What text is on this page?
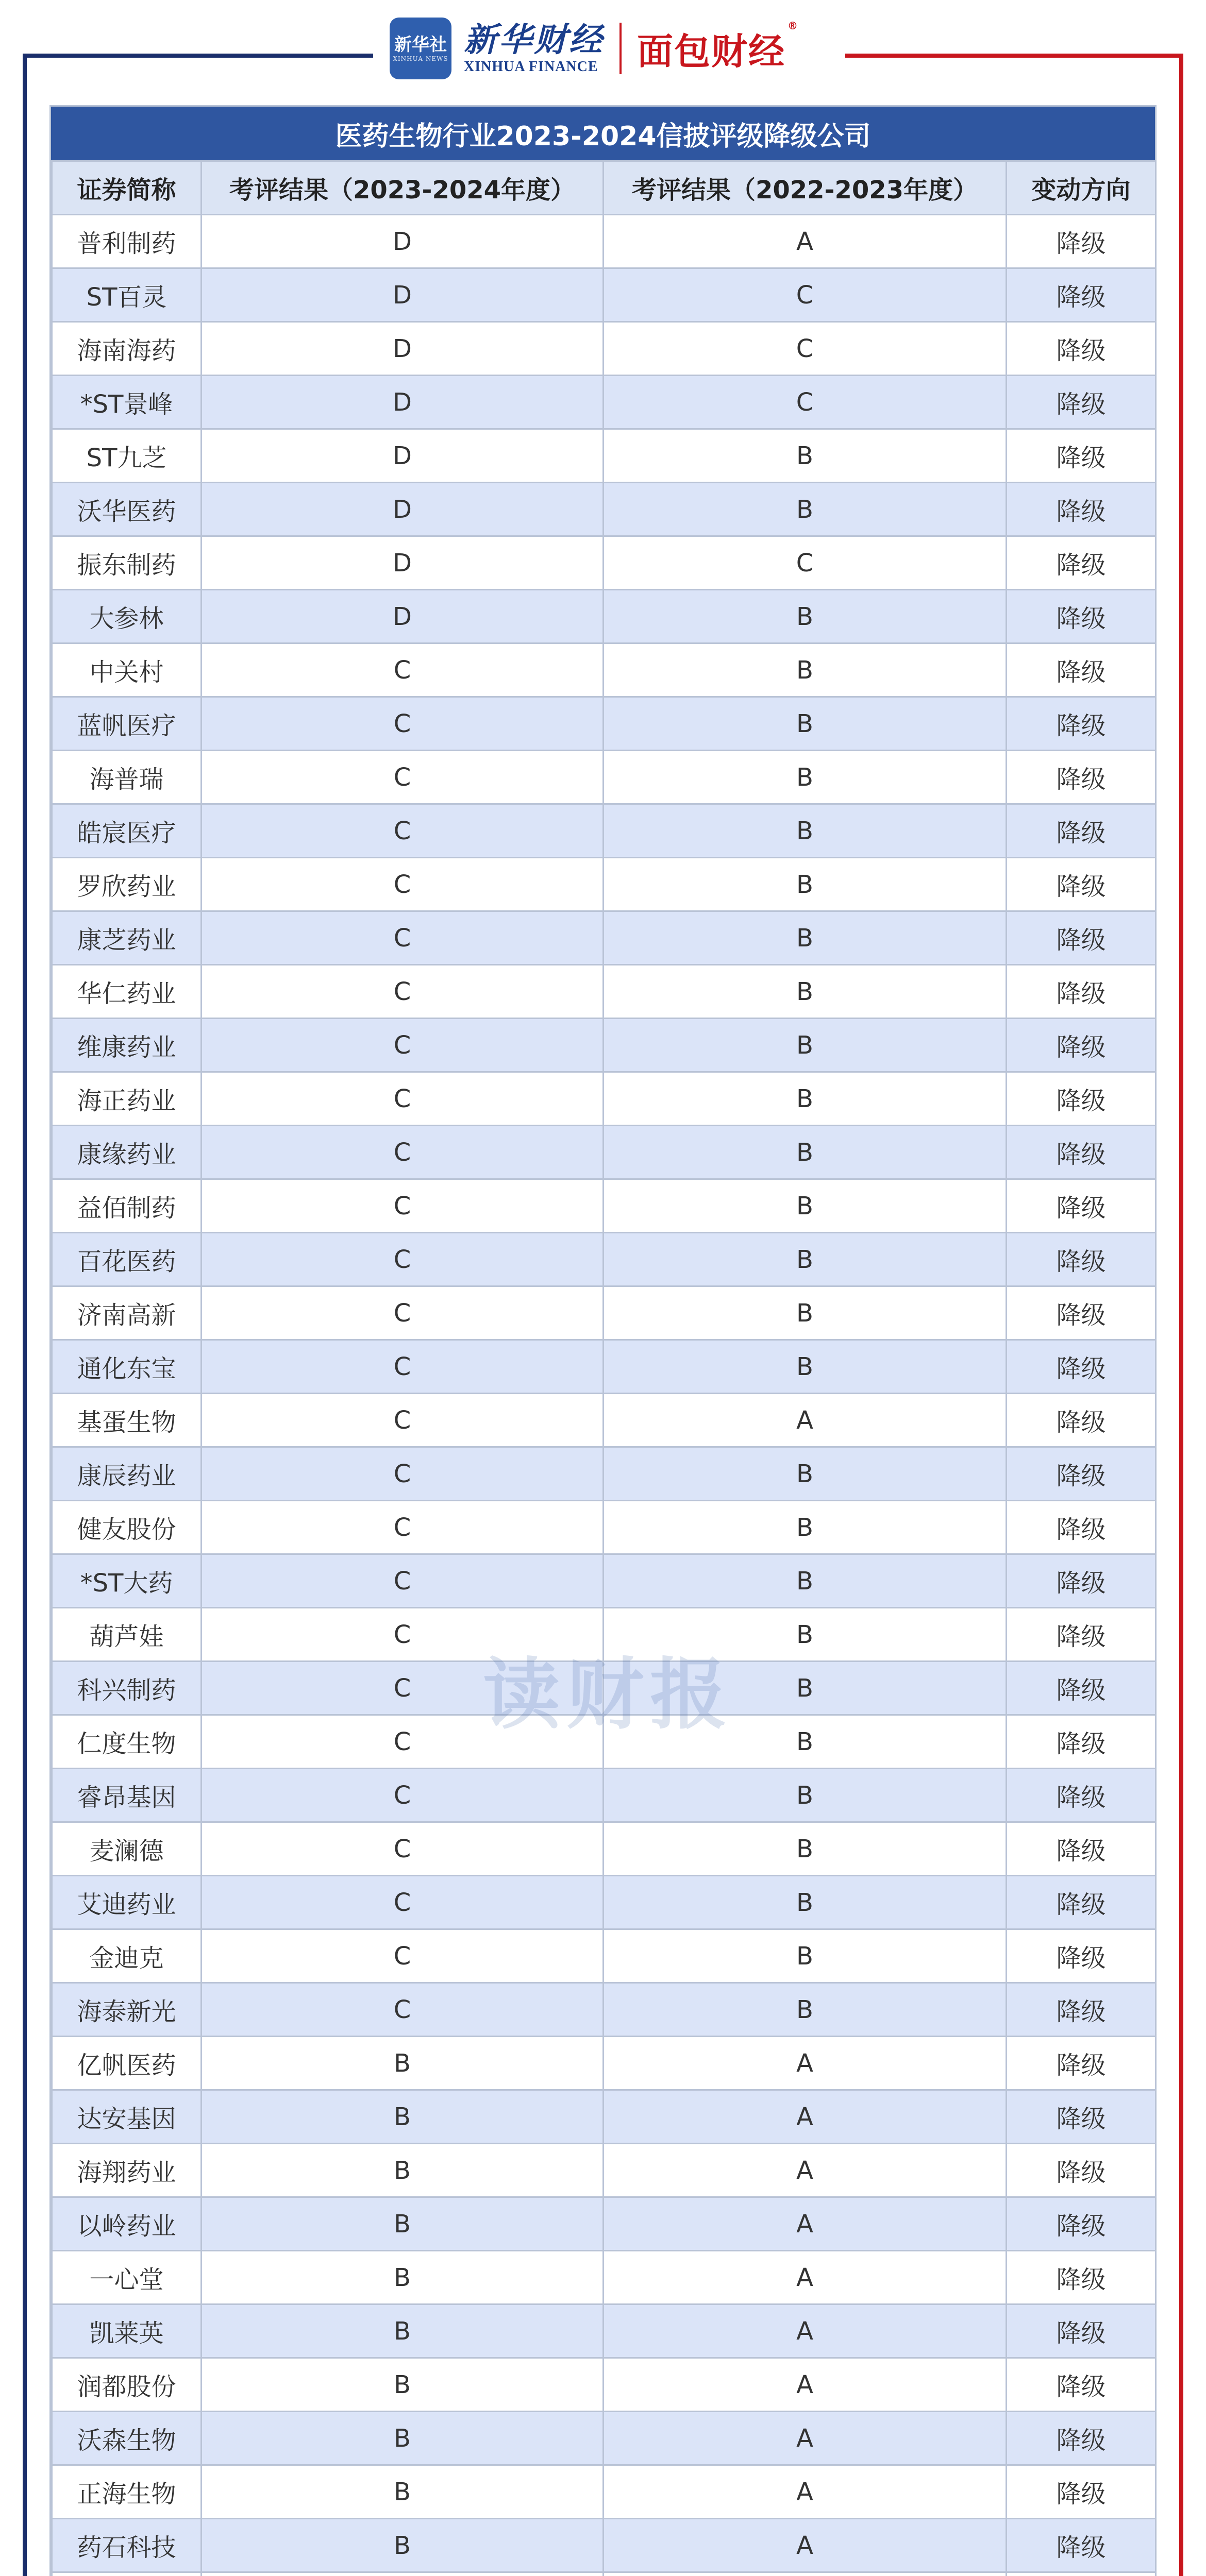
新华社
XINHUA NEWS 新华财经
XINHUA FINANCE 面包财经
®
医药生物行业2023-2024信披评级降级公司
证券简称	考评结果（2023-2024年度）	考评结果（2022-2023年度）	变动方向
普利制药	D	A	降级
ST百灵	D	C	降级
海南海药	D	C	降级
*ST景峰	D	C	降级
ST九芝	D	B	降级
沃华医药	D	B	降级
振东制药	D	C	降级
大参林	D	B	降级
中关村	C	B	降级
蓝帆医疗	C	B	降级
海普瑞	C	B	降级
皓宸医疗	C	B	降级
罗欣药业	C	B	降级
康芝药业	C	B	降级
华仁药业	C	B	降级
维康药业	C	B	降级
海正药业	C	B	降级
康缘药业	C	B	降级
益佰制药	C	B	降级
百花医药	C	B	降级
济南高新	C	B	降级
通化东宝	C	B	降级
基蛋生物	C	A	降级
康辰药业	C	B	降级
健友股份	C	B	降级
*ST大药	C	B	降级
葫芦娃	C	B	降级
科兴制药	C	B	降级
仁度生物	C	B	降级
睿昂基因	C	B	降级
麦澜德	C	B	降级
艾迪药业	C	B	降级
金迪克	C	B	降级
海泰新光	C	B	降级
亿帆医药	B	A	降级
达安基因	B	A	降级
海翔药业	B	A	降级
以岭药业	B	A	降级
一心堂	B	A	降级
凯莱英	B	A	降级
润都股份	B	A	降级
沃森生物	B	A	降级
正海生物	B	A	降级
药石科技	B	A	降级
